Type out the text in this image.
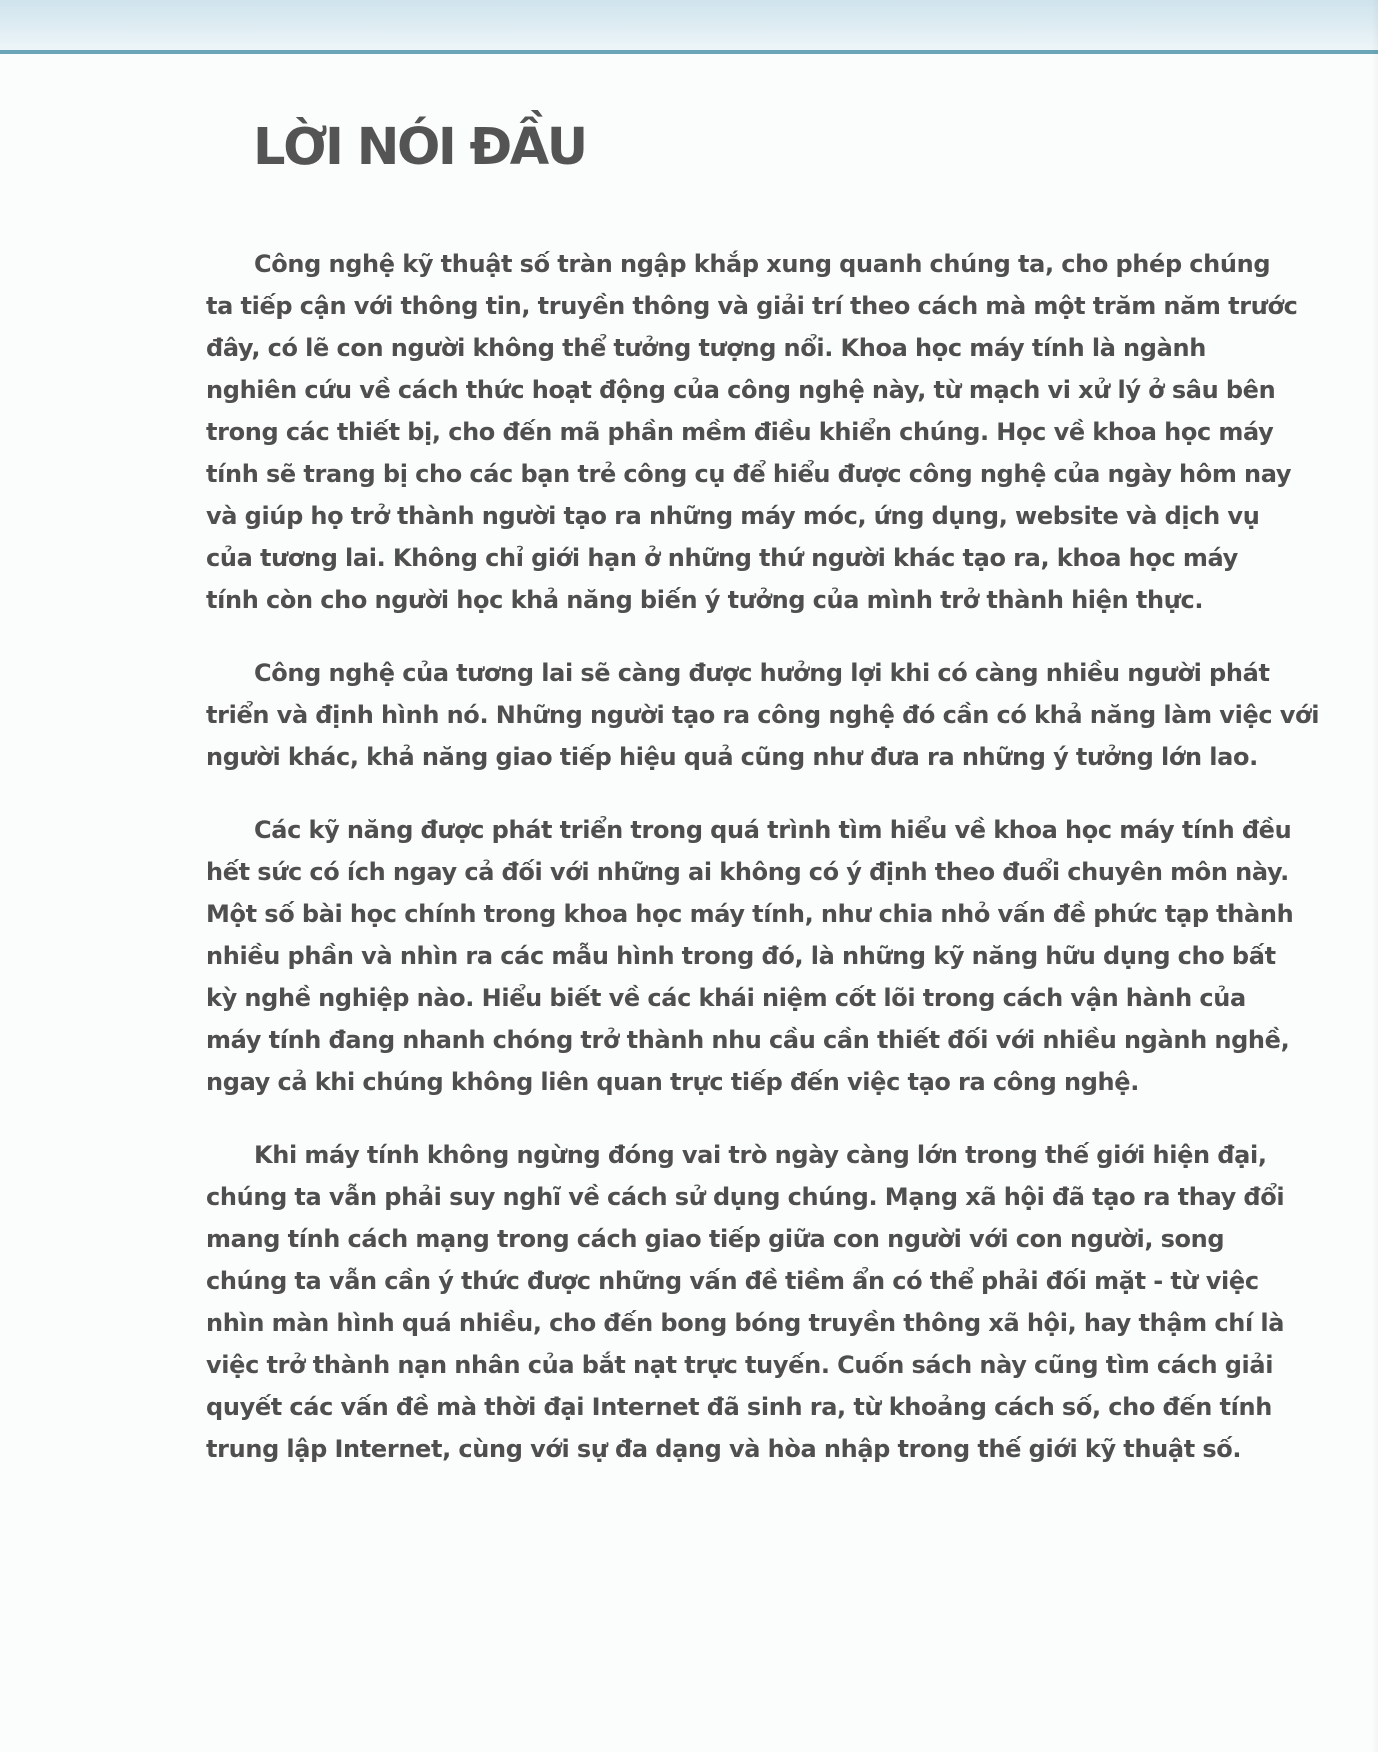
LỜI NÓI ĐẦU

Công nghệ kỹ thuật số tràn ngập khắp xung quanh chúng ta, cho phép chúng
ta tiếp cận với thông tin, truyền thông và giải trí theo cách mà một trăm năm trước
đây, có lẽ con người không thể tưởng tượng nổi. Khoa học máy tính là ngành
nghiên cứu về cách thức hoạt động của công nghệ này, từ mạch vi xử lý ở sâu bên
trong các thiết bị, cho đến mã phần mềm điều khiển chúng. Học về khoa học máy
tính sẽ trang bị cho các bạn trẻ công cụ để hiểu được công nghệ của ngày hôm nay
và giúp họ trở thành người tạo ra những máy móc, ứng dụng, website và dịch vụ
của tương lai. Không chỉ giới hạn ở những thứ người khác tạo ra, khoa học máy
tính còn cho người học khả năng biến ý tưởng của mình trở thành hiện thực.

Công nghệ của tương lai sẽ càng được hưởng lợi khi có càng nhiều người phát
triển và định hình nó. Những người tạo ra công nghệ đó cần có khả năng làm việc với
người khác, khả năng giao tiếp hiệu quả cũng như đưa ra những ý tưởng lớn lao.

Các kỹ năng được phát triển trong quá trình tìm hiểu về khoa học máy tính đều
hết sức có ích ngay cả đối với những ai không có ý định theo đuổi chuyên môn này.
Một số bài học chính trong khoa học máy tính, như chia nhỏ vấn đề phức tạp thành
nhiều phần và nhìn ra các mẫu hình trong đó, là những kỹ năng hữu dụng cho bất
kỳ nghề nghiệp nào. Hiểu biết về các khái niệm cốt lõi trong cách vận hành của
máy tính đang nhanh chóng trở thành nhu cầu cần thiết đối với nhiều ngành nghề,
ngay cả khi chúng không liên quan trực tiếp đến việc tạo ra công nghệ.

Khi máy tính không ngừng đóng vai trò ngày càng lớn trong thế giới hiện đại,
chúng ta vẫn phải suy nghĩ về cách sử dụng chúng. Mạng xã hội đã tạo ra thay đổi
mang tính cách mạng trong cách giao tiếp giữa con người với con người, song
chúng ta vẫn cần ý thức được những vấn đề tiềm ẩn có thể phải đối mặt - từ việc
nhìn màn hình quá nhiều, cho đến bong bóng truyền thông xã hội, hay thậm chí là
việc trở thành nạn nhân của bắt nạt trực tuyến. Cuốn sách này cũng tìm cách giải
quyết các vấn đề mà thời đại Internet đã sinh ra, từ khoảng cách số, cho đến tính
trung lập Internet, cùng với sự đa dạng và hòa nhập trong thế giới kỹ thuật số.
